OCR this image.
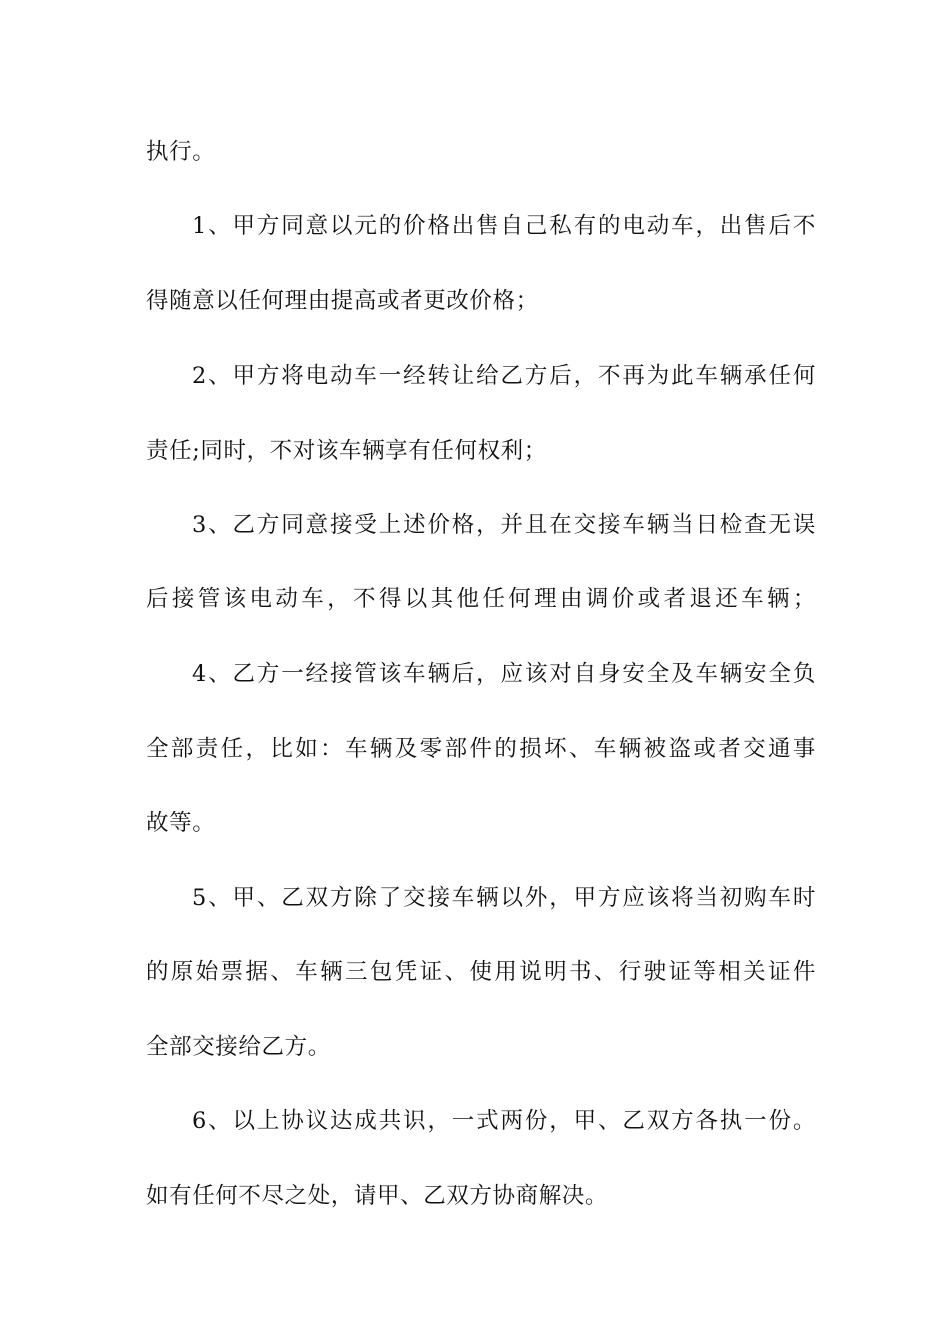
执行。
1、甲方同意以元的价格出售自己私有的电动车，出售后不
得随意以任何理由提高或者更改价格；
2、甲方将电动车一经转让给乙方后，不再为此车辆承任何
责任;同时，不对该车辆享有任何权利；
3、乙方同意接受上述价格，并且在交接车辆当日检查无误
后接管该电动车，不得以其他任何理由调价或者退还车辆；
4、乙方一经接管该车辆后，应该对自身安全及车辆安全负
全部责任，比如：车辆及零部件的损坏、车辆被盗或者交通事
故等。
5、甲、乙双方除了交接车辆以外，甲方应该将当初购车时
的原始票据、车辆三包凭证、使用说明书、行驶证等相关证件
全部交接给乙方。
6、以上协议达成共识，一式两份，甲、乙双方各执一份。
如有任何不尽之处，请甲、乙双方协商解决。
